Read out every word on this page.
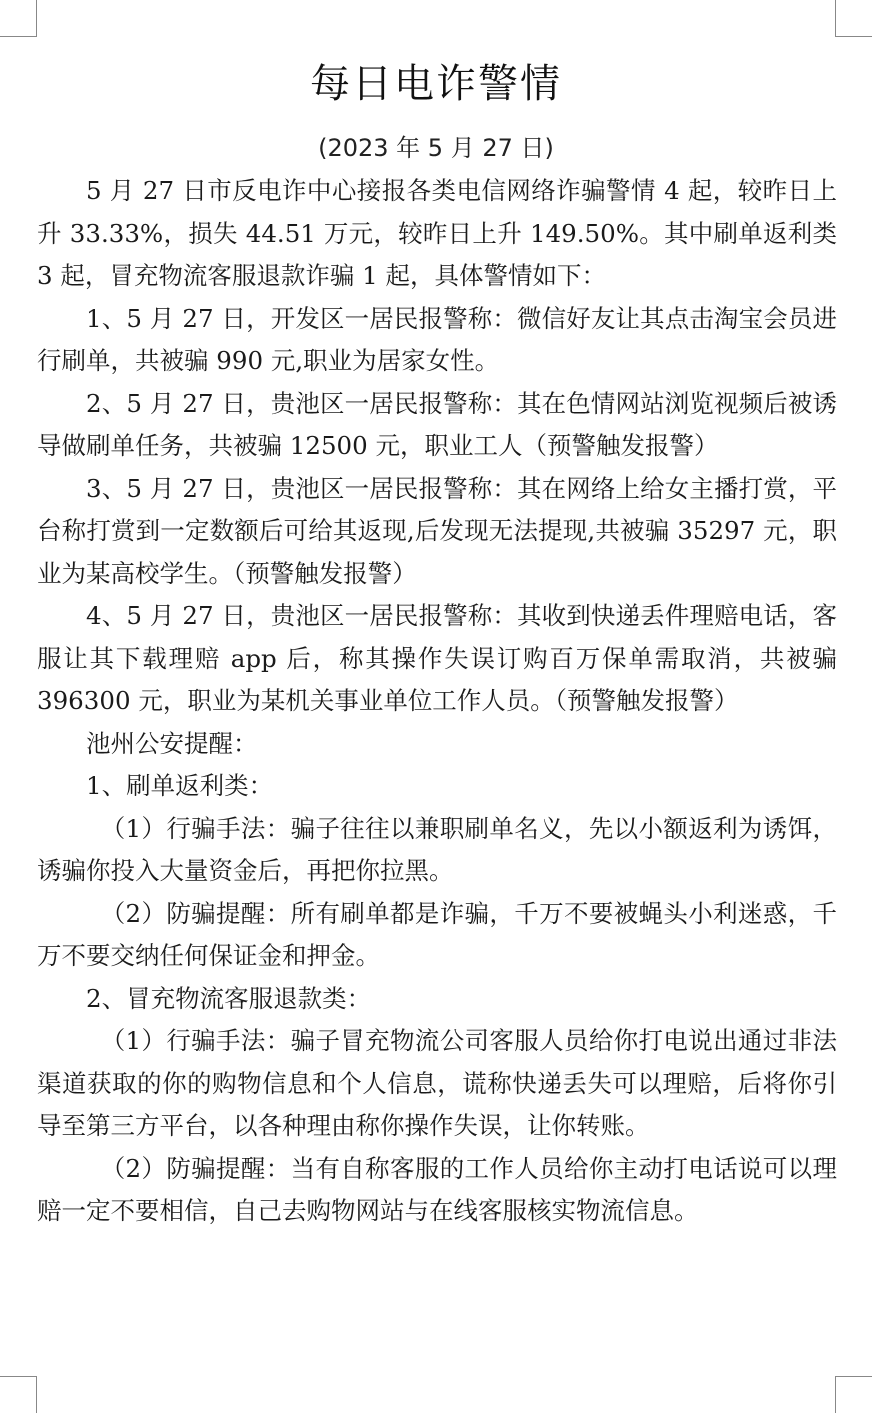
每日电诈警情
(2023 年 5 月 27 日)

5 月 27 日市反电诈中心接报各类电信网络诈骗警情 4 起，较昨日上升 33.33%，损失 44.51 万元，较昨日上升 149.50%。其中刷单返利类 3 起，冒充物流客服退款诈骗 1 起，具体警情如下：

1、5 月 27 日，开发区一居民报警称：微信好友让其点击淘宝会员进行刷单，共被骗 990 元,职业为居家女性。

2、5 月 27 日，贵池区一居民报警称：其在色情网站浏览视频后被诱导做刷单任务，共被骗 12500 元，职业工人（预警触发报警）

3、5 月 27 日，贵池区一居民报警称：其在网络上给女主播打赏，平台称打赏到一定数额后可给其返现,后发现无法提现,共被骗 35297 元，职业为某高校学生。（预警触发报警）

4、5 月 27 日，贵池区一居民报警称：其收到快递丢件理赔电话，客服让其下载理赔 app 后，称其操作失误订购百万保单需取消，共被骗 396300 元，职业为某机关事业单位工作人员。（预警触发报警）

池州公安提醒：

1、刷单返利类：

（1）行骗手法：骗子往往以兼职刷单名义，先以小额返利为诱饵，诱骗你投入大量资金后，再把你拉黑。

（2）防骗提醒：所有刷单都是诈骗，千万不要被蝇头小利迷惑，千万不要交纳任何保证金和押金。

2、冒充物流客服退款类：

（1）行骗手法：骗子冒充物流公司客服人员给你打电说出通过非法渠道获取的你的购物信息和个人信息，谎称快递丢失可以理赔，后将你引导至第三方平台，以各种理由称你操作失误，让你转账。

（2）防骗提醒：当有自称客服的工作人员给你主动打电话说可以理赔一定不要相信，自己去购物网站与在线客服核实物流信息。
